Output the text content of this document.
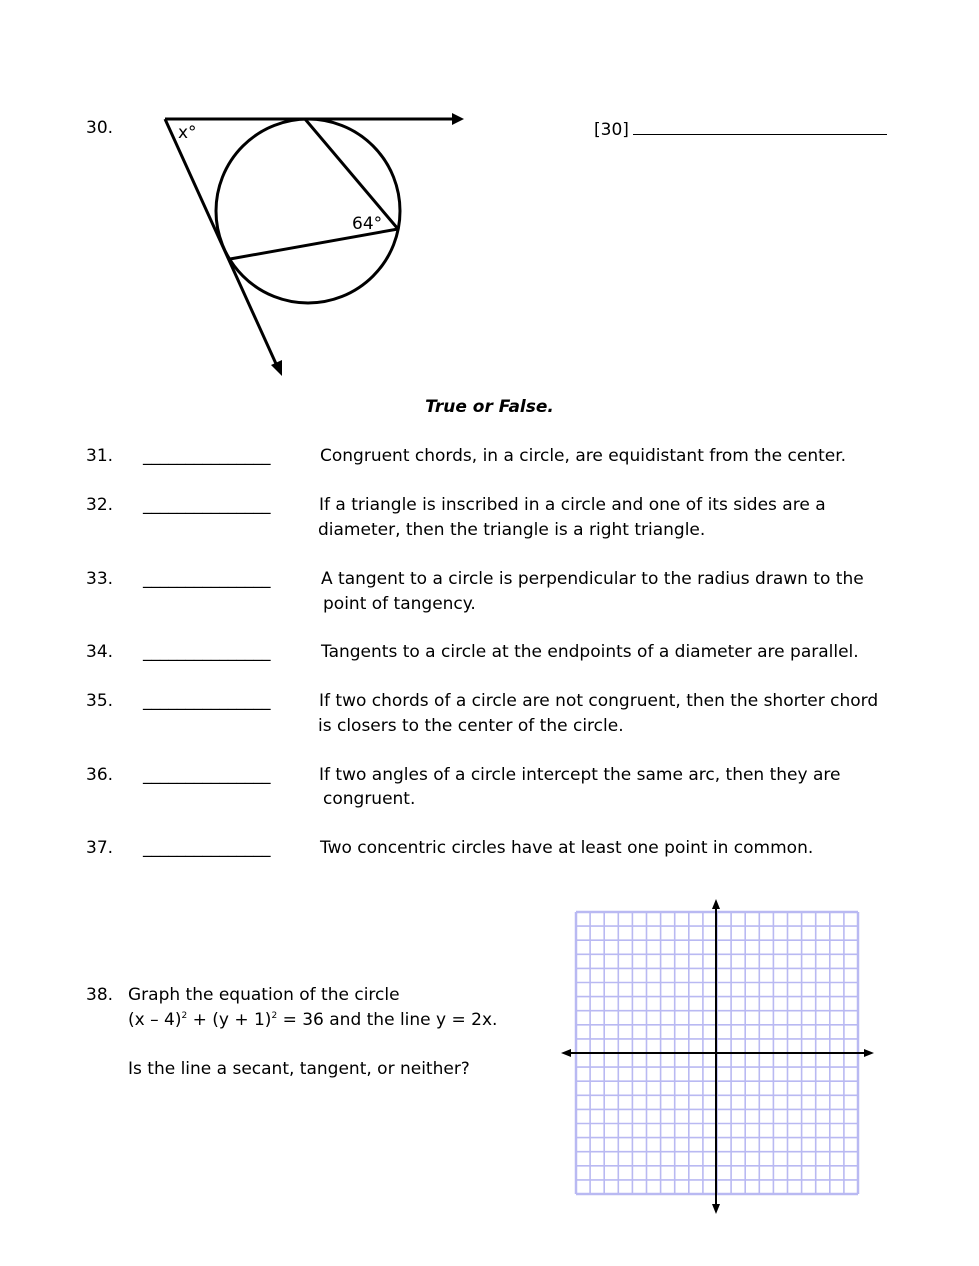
30.	x°
64°
[30]
True or False.
31. _______________	Congruent chords, in a circle, are equidistant from the center.
32. _______________	If a triangle is inscribed in a circle and one of its sides are a
diameter, then the triangle is a right triangle.
33. _______________	A tangent to a circle is perpendicular to the radius drawn to the
point of tangency.
34. _______________	Tangents to a circle at the endpoints of a diameter are parallel.
35. _______________	If two chords of a circle are not congruent, then the shorter chord
is closers to the center of the circle.
36. _______________	If two angles of a circle intercept the same arc, then they are
congruent.
37. _______________	Two concentric circles have at least one point in common.
38. Graph the equation of the circle
$(x - 4)^2 + (y + 1)^2 = 36$ and the line y = 2x.
Is the line a secant, tangent, or neither?
